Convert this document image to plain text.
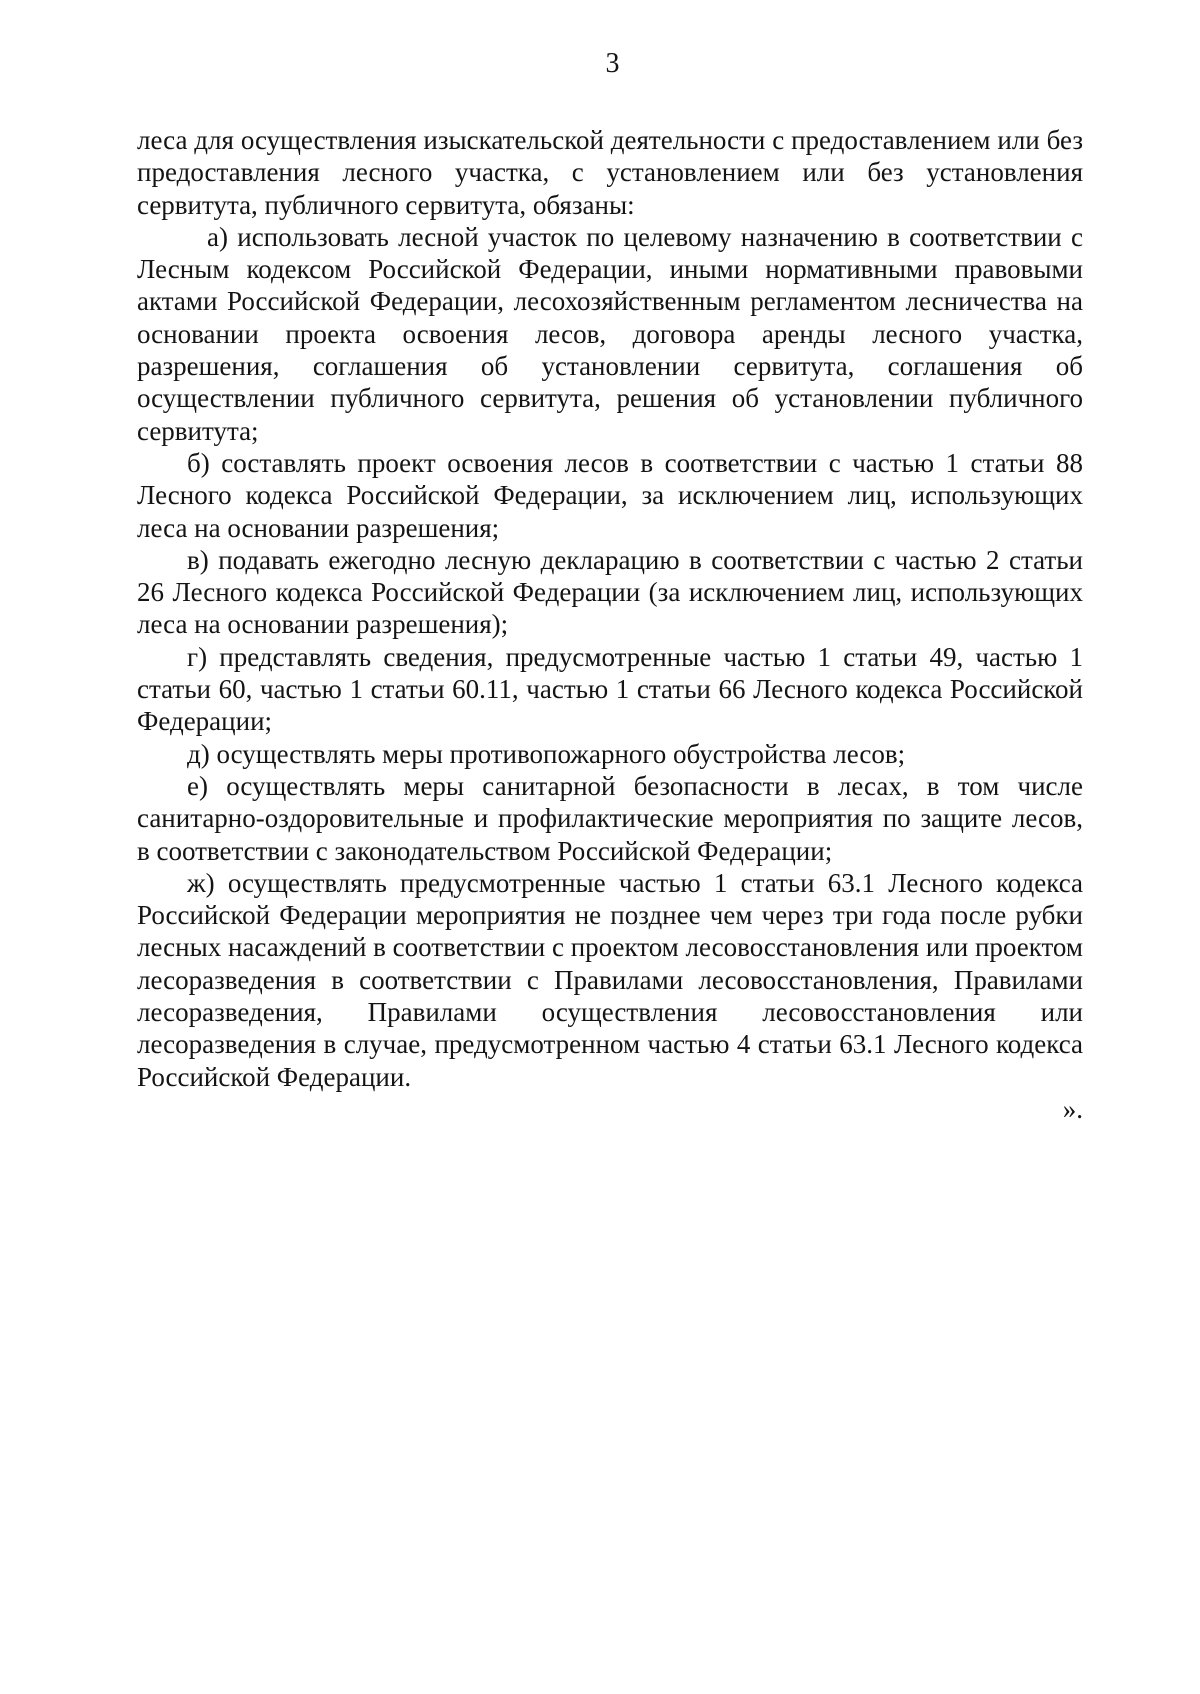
3

леса для осуществления изыскательской деятельности с предоставлением или без предоставления лесного участка, с установлением или без установления сервитута, публичного сервитута, обязаны:

а) использовать лесной участок по целевому назначению в соответствии с Лесным кодексом Российской Федерации, иными нормативными правовыми актами Российской Федерации, лесохозяйственным регламентом лесничества на основании проекта освоения лесов, договора аренды лесного участка, разрешения, соглашения об установлении сервитута, соглашения об осуществлении публичного сервитута, решения об установлении публичного сервитута;

б) составлять проект освоения лесов в соответствии с частью 1 статьи 88 Лесного кодекса Российской Федерации, за исключением лиц, использующих леса на основании разрешения;

в) подавать ежегодно лесную декларацию в соответствии с частью 2 статьи 26 Лесного кодекса Российской Федерации (за исключением лиц, использующих леса на основании разрешения);

г) представлять сведения, предусмотренные частью 1 статьи 49, частью 1 статьи 60, частью 1 статьи 60.11, частью 1 статьи 66 Лесного кодекса Российской Федерации;

д) осуществлять меры противопожарного обустройства лесов;

е) осуществлять меры санитарной безопасности в лесах, в том числе санитарно-оздоровительные и профилактические мероприятия по защите лесов, в соответствии с законодательством Российской Федерации;

ж) осуществлять предусмотренные частью 1 статьи 63.1 Лесного кодекса Российской Федерации мероприятия не позднее чем через три года после рубки лесных насаждений в соответствии с проектом лесовосстановления или проектом лесоразведения в соответствии с Правилами лесовосстановления, Правилами лесоразведения, Правилами осуществления лесовосстановления или лесоразведения в случае, предусмотренном частью 4 статьи 63.1 Лесного кодекса Российской Федерации.

».
